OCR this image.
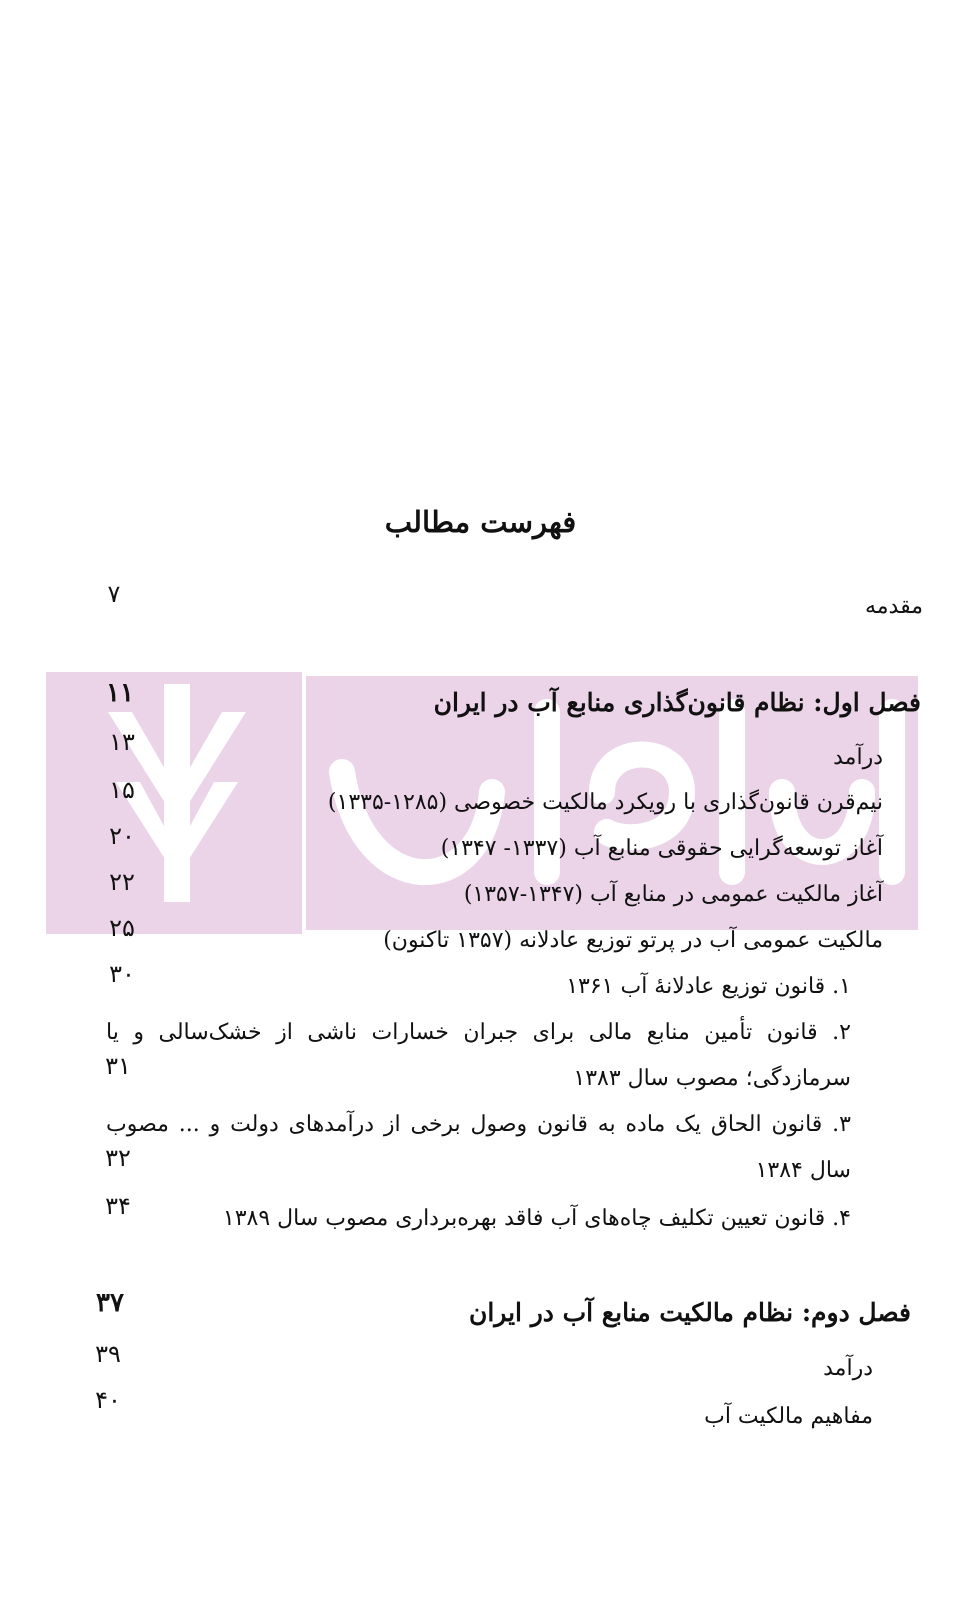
فهرست مطالب
مقدمه
۷
فصل اول: نظام قانون‌گذاری منابع آب در ایران
۱۱
درآمد
۱۳
نیم‌قرن قانون‌گذاری با رویکرد مالکیت خصوصی (۱۲۸۵-۱۳۳۵)
۱۵
آغاز توسعه‌گرایی حقوقی منابع آب (۱۳۳۷- ۱۳۴۷)
۲۰
آغاز مالکیت عمومی در منابع آب (۱۳۴۷-۱۳۵۷)
۲۲
مالکیت عمومی آب در پرتو توزیع عادلانه (۱۳۵۷ تاکنون)
۲۵
۱. قانون توزیع عادلانهٔ آب ۱۳۶۱
۳۰
۲. قانون تأمین منابع مالی برای جبران خسارات ناشی از خشک‌سالی و یا
سرمازدگی؛ مصوب سال ۱۳۸۳
۳۱
۳. قانون الحاق یک ماده به قانون وصول برخی از درآمدهای دولت و ... مصوب
سال ۱۳۸۴
۳۲
۴. قانون تعیین تکلیف چاه‌های آب فاقد بهره‌برداری مصوب سال ۱۳۸۹
۳۴
فصل دوم: نظام مالکیت منابع آب در ایران
۳۷
درآمد
۳۹
مفاهیم مالکیت آب
۴۰
